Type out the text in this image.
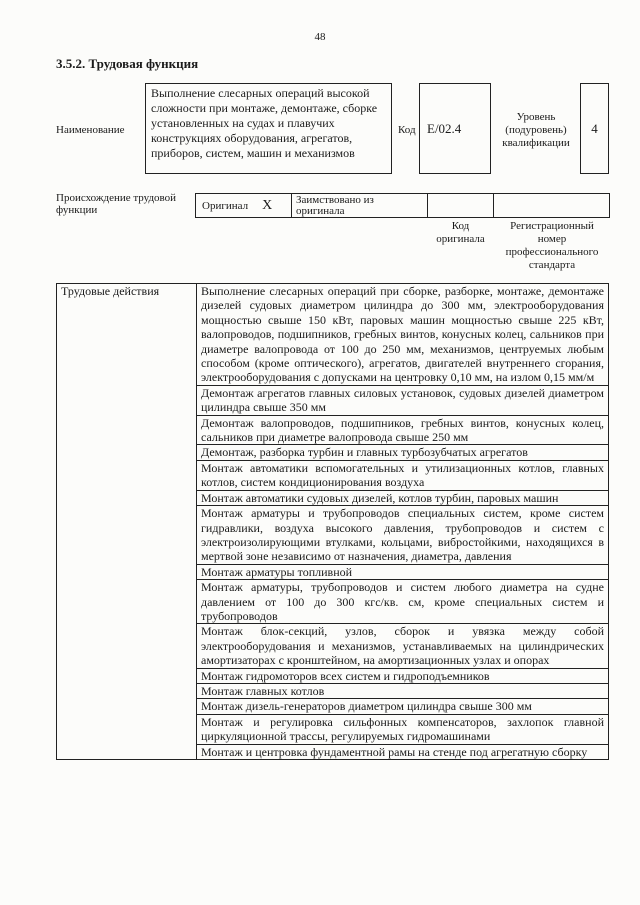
48
3.5.2. Трудовая функция
Наименование
Выполнение слесарных операций высокой сложности при монтаже, демонтаже, сборке установленных на судах и плавучих конструкциях оборудования, агрегатов, приборов, систем, машин и механизмов
Код E/02.4
Уровень (подуровень) квалификации
4
Происхождение трудовой функции	Оригинал X	Заимствовано из оригинала
Код оригинала
Регистрационный номер профессионального стандарта
Трудовые действия	Выполнение слесарных операций при сборке, разборке, монтаже, демонтаже дизелей судовых диаметром цилиндра до 300 мм, электрооборудования мощностью свыше 150 кВт, паровых машин мощностью свыше 225 кВт, валопроводов, подшипников, гребных винтов, конусных колец, сальников при диаметре валопровода от 100 до 250 мм, механизмов, центруемых любым способом (кроме оптического), агрегатов, двигателей внутреннего сгорания, электрооборудования с допусками на центровку 0,10 мм, на излом 0,15 мм/м
Демонтаж агрегатов главных силовых установок, судовых дизелей диаметром цилиндра свыше 350 мм
Демонтаж валопроводов, подшипников, гребных винтов, конусных колец, сальников при диаметре валопровода свыше 250 мм
Демонтаж, разборка турбин и главных турбозубчатых агрегатов
Монтаж автоматики вспомогательных и утилизационных котлов, главных котлов, систем кондиционирования воздуха
Монтаж автоматики судовых дизелей, котлов турбин, паровых машин
Монтаж арматуры и трубопроводов специальных систем, кроме систем гидравлики, воздуха высокого давления, трубопроводов и систем с электроизолирующими втулками, кольцами, вибростойкими, находящихся в мертвой зоне независимо от назначения, диаметра, давления
Монтаж арматуры топливной
Монтаж арматуры, трубопроводов и систем любого диаметра на судне давлением от 100 до 300 кгс/кв. см, кроме специальных систем и трубопроводов
Монтаж блок-секций, узлов, сборок и увязка между собой электрооборудования и механизмов, устанавливаемых на цилиндрических амортизаторах с кронштейном, на амортизационных узлах и опорах
Монтаж гидромоторов всех систем и гидроподъемников
Монтаж главных котлов
Монтаж дизель-генераторов диаметром цилиндра свыше 300 мм
Монтаж и регулировка сильфонных компенсаторов, захлопок главной циркуляционной трассы, регулируемых гидромашинами
Монтаж и центровка фундаментной рамы на стенде под агрегатную сборку
